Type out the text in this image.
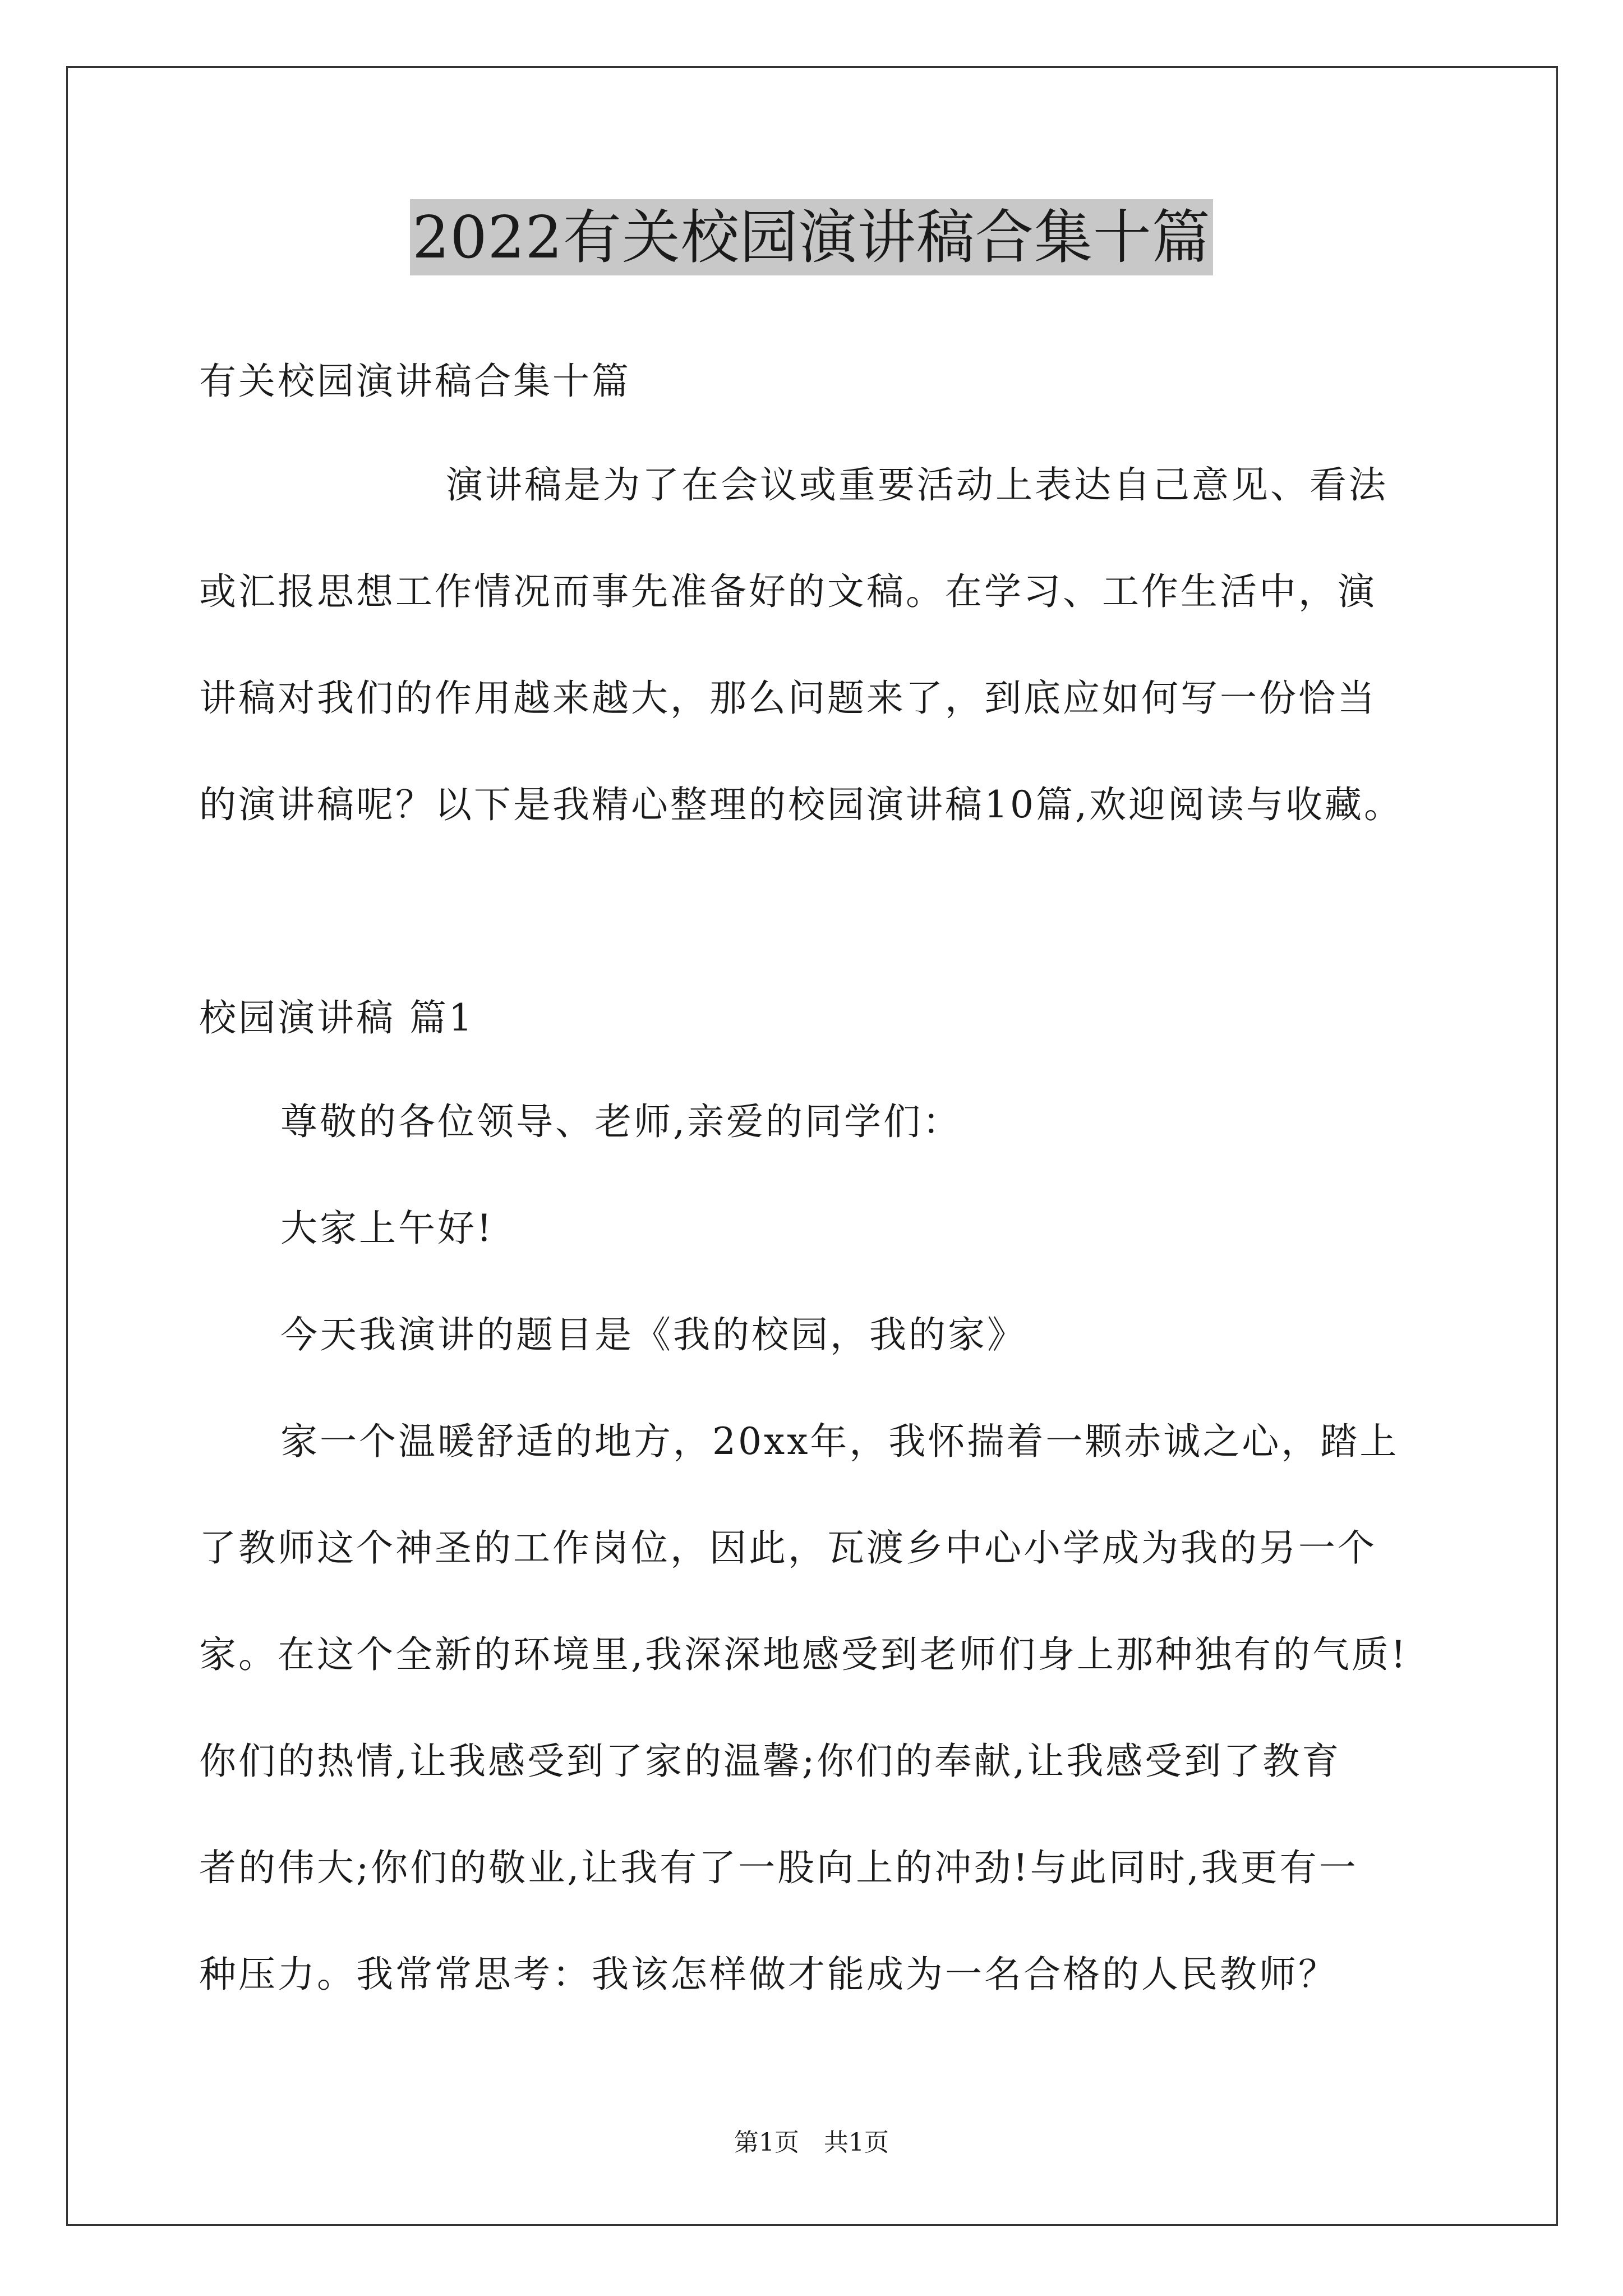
2022有关校园演讲稿合集十篇
有关校园演讲稿合集十篇
演讲稿是为了在会议或重要活动上表达自己意见、看法
或汇报思想工作情况而事先准备好的文稿。在学习、工作生活中，演
讲稿对我们的作用越来越大，那么问题来了，到底应如何写一份恰当
的演讲稿呢？以下是我精心整理的校园演讲稿10篇,欢迎阅读与收藏。
校园演讲稿 篇1
尊敬的各位领导、老师,亲爱的同学们：
大家上午好!
今天我演讲的题目是《我的校园，我的家》
家一个温暖舒适的地方，20xx年，我怀揣着一颗赤诚之心，踏上
了教师这个神圣的工作岗位，因此，瓦渡乡中心小学成为我的另一个
家。在这个全新的环境里,我深深地感受到老师们身上那种独有的气质!
你们的热情,让我感受到了家的温馨;你们的奉献,让我感受到了教育
者的伟大;你们的敬业,让我有了一股向上的冲劲!与此同时,我更有一
种压力。我常常思考：我该怎样做才能成为一名合格的人民教师？
第1页　共1页
